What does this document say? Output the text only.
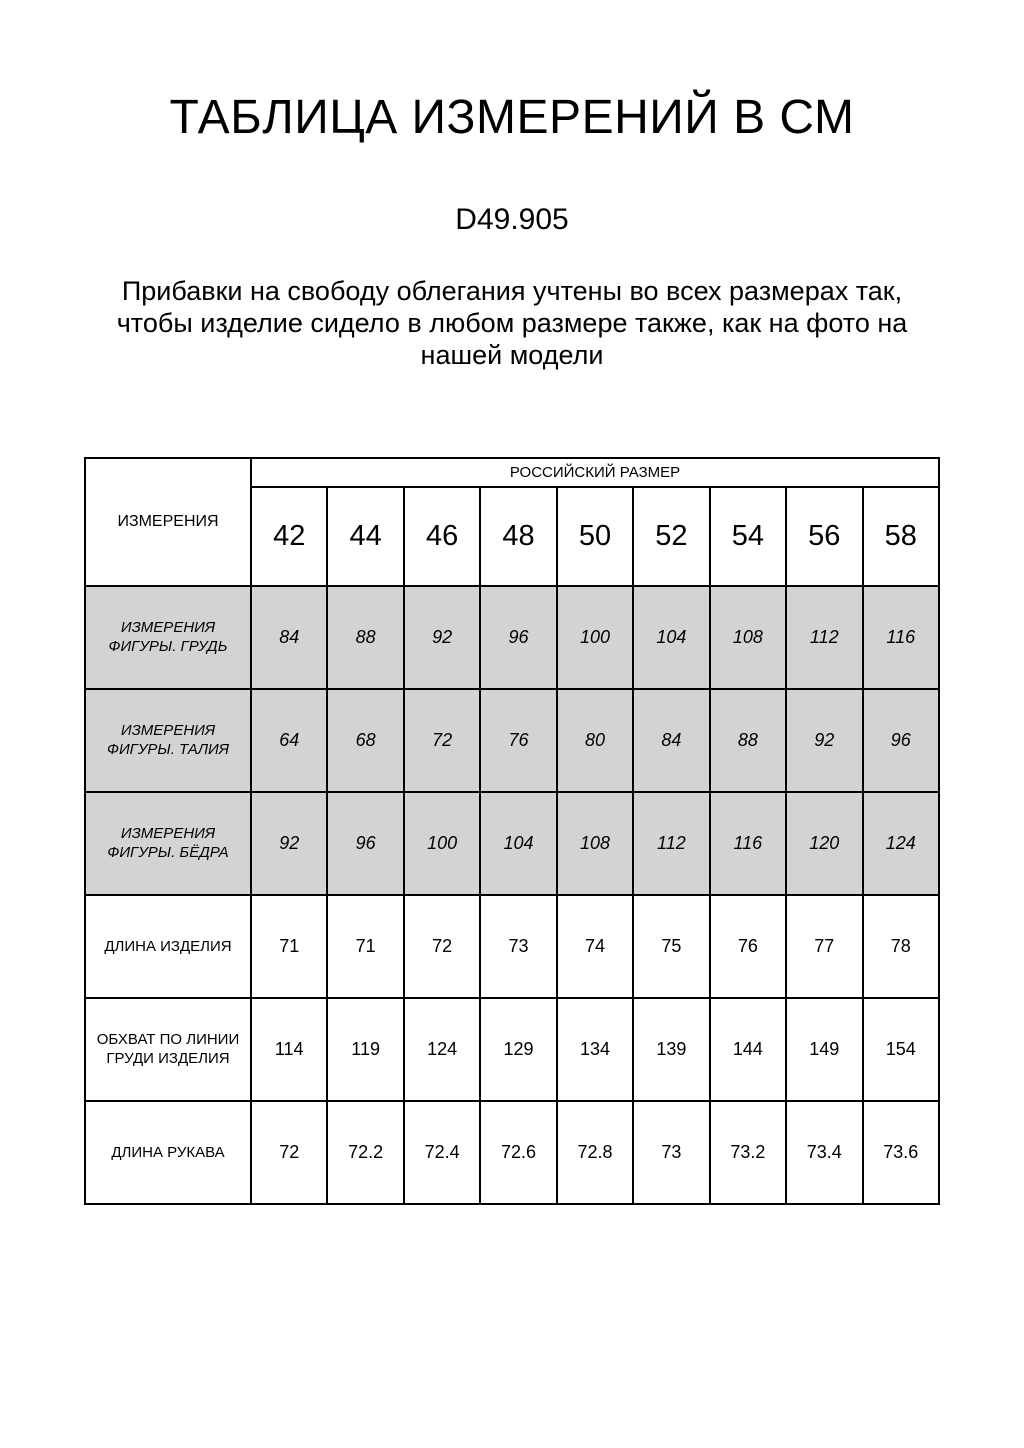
ТАБЛИЦА ИЗМЕРЕНИЙ В СМ
D49.905

Прибавки на свободу облегания учтены во всех размерах так, чтобы изделие сидело в любом размере также, как на фото на нашей модели

ИЗМЕРЕНИЯ	РОССИЙСКИЙ РАЗМЕР								
	42	44	46	48	50	52	54	56	58
ИЗМЕРЕНИЯ ФИГУРЫ. ГРУДЬ	84	88	92	96	100	104	108	112	116
ИЗМЕРЕНИЯ ФИГУРЫ. ТАЛИЯ	64	68	72	76	80	84	88	92	96
ИЗМЕРЕНИЯ ФИГУРЫ. БЁДРА	92	96	100	104	108	112	116	120	124
ДЛИНА ИЗДЕЛИЯ	71	71	72	73	74	75	76	77	78
ОБХВАТ ПО ЛИНИИ ГРУДИ ИЗДЕЛИЯ	114	119	124	129	134	139	144	149	154
ДЛИНА РУКАВА	72	72.2	72.4	72.6	72.8	73	73.2	73.4	73.6
